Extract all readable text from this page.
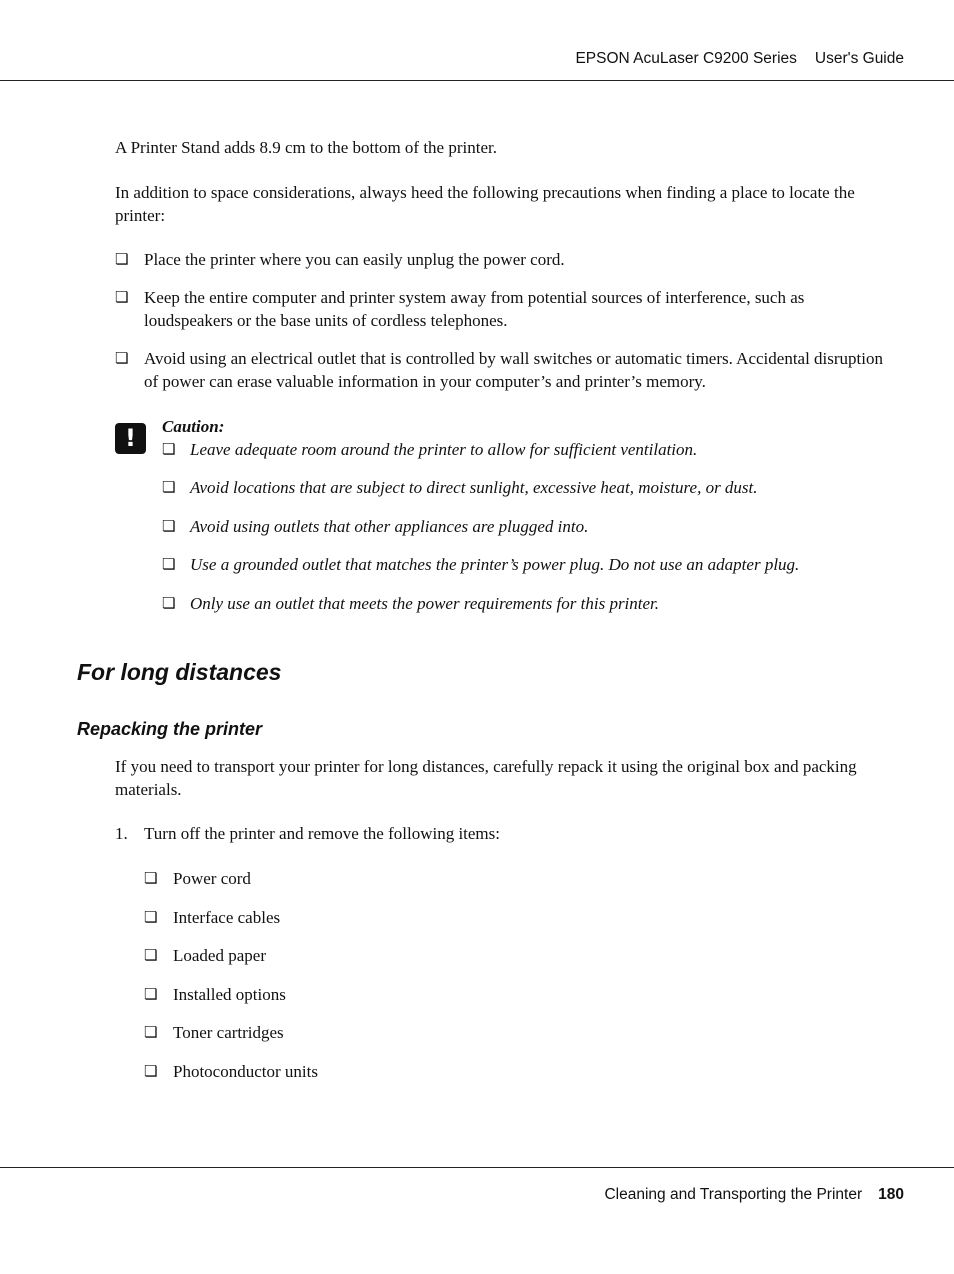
EPSON AcuLaser C9200 Series User's Guide

A Printer Stand adds 8.9 cm to the bottom of the printer.

In addition to space considerations, always heed the following precautions when finding a place to locate the printer:

❏ Place the printer where you can easily unplug the power cord.
❏ Keep the entire computer and printer system away from potential sources of interference, such as loudspeakers or the base units of cordless telephones.
❏ Avoid using an electrical outlet that is controlled by wall switches or automatic timers. Accidental disruption of power can erase valuable information in your computer’s and printer’s memory.
!	Caution:
❏ Leave adequate room around the printer to allow for sufficient ventilation.
❏ Avoid locations that are subject to direct sunlight, excessive heat, moisture, or dust.
❏ Avoid using outlets that other appliances are plugged into.
❏ Use a grounded outlet that matches the printer’s power plug. Do not use an adapter plug.
❏ Only use an outlet that meets the power requirements for this printer.
For long distances
Repacking the printer

If you need to transport your printer for long distances, carefully repack it using the original box and packing materials.

1. Turn off the printer and remove the following items:
❏ Power cord
❏ Interface cables
❏ Loaded paper
❏ Installed options
❏ Toner cartridges
❏ Photoconductor units
Cleaning and Transporting the Printer 180
